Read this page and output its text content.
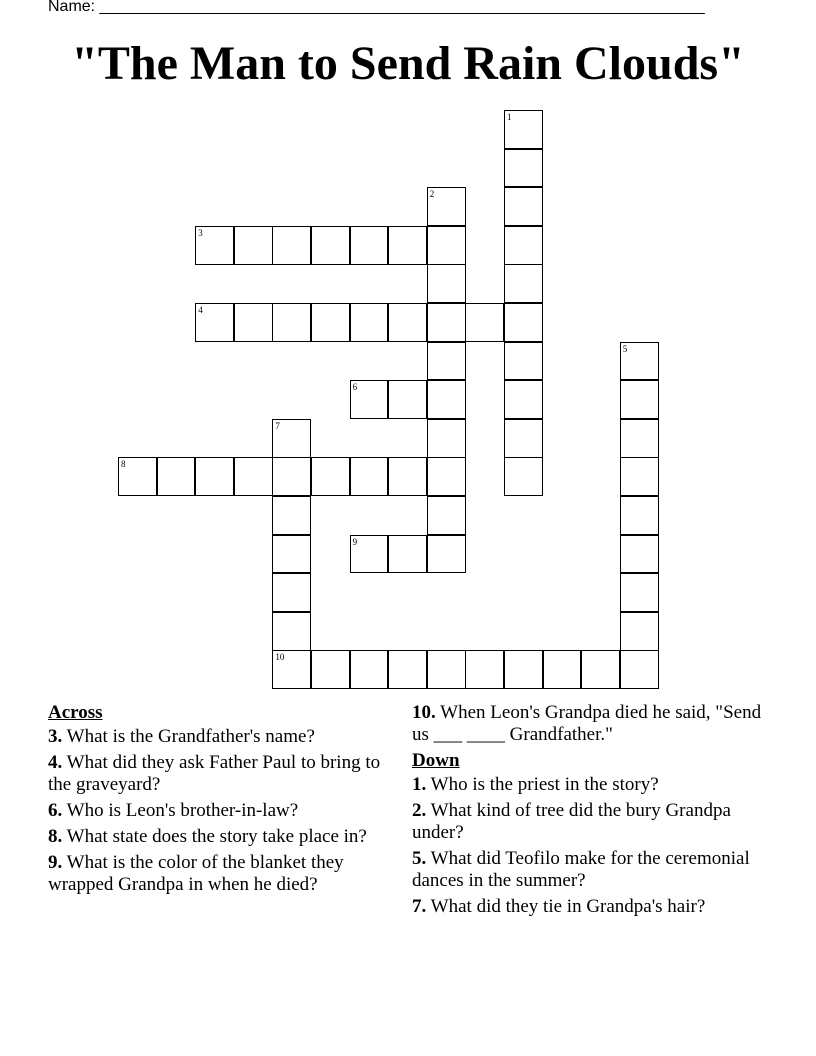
Name: ____________________________________________________________________
"The Man to Send Rain Clouds"
1
2
3
4
5
6
7
10
8
9
Across
3. What is the Grandfather's name?
4. What did they ask Father Paul to bring to the graveyard?
6. Who is Leon's brother-in-law?
8. What state does the story take place in?
9. What is the color of the blanket they wrapped Grandpa in when he died?
10. When Leon's Grandpa died he said, "Send us ___ ____ Grandfather."
Down
1. Who is the priest in the story?
2. What kind of tree did the bury Grandpa under?
5. What did Teofilo make for the ceremonial dances in the summer?
7. What did they tie in Grandpa's hair?
